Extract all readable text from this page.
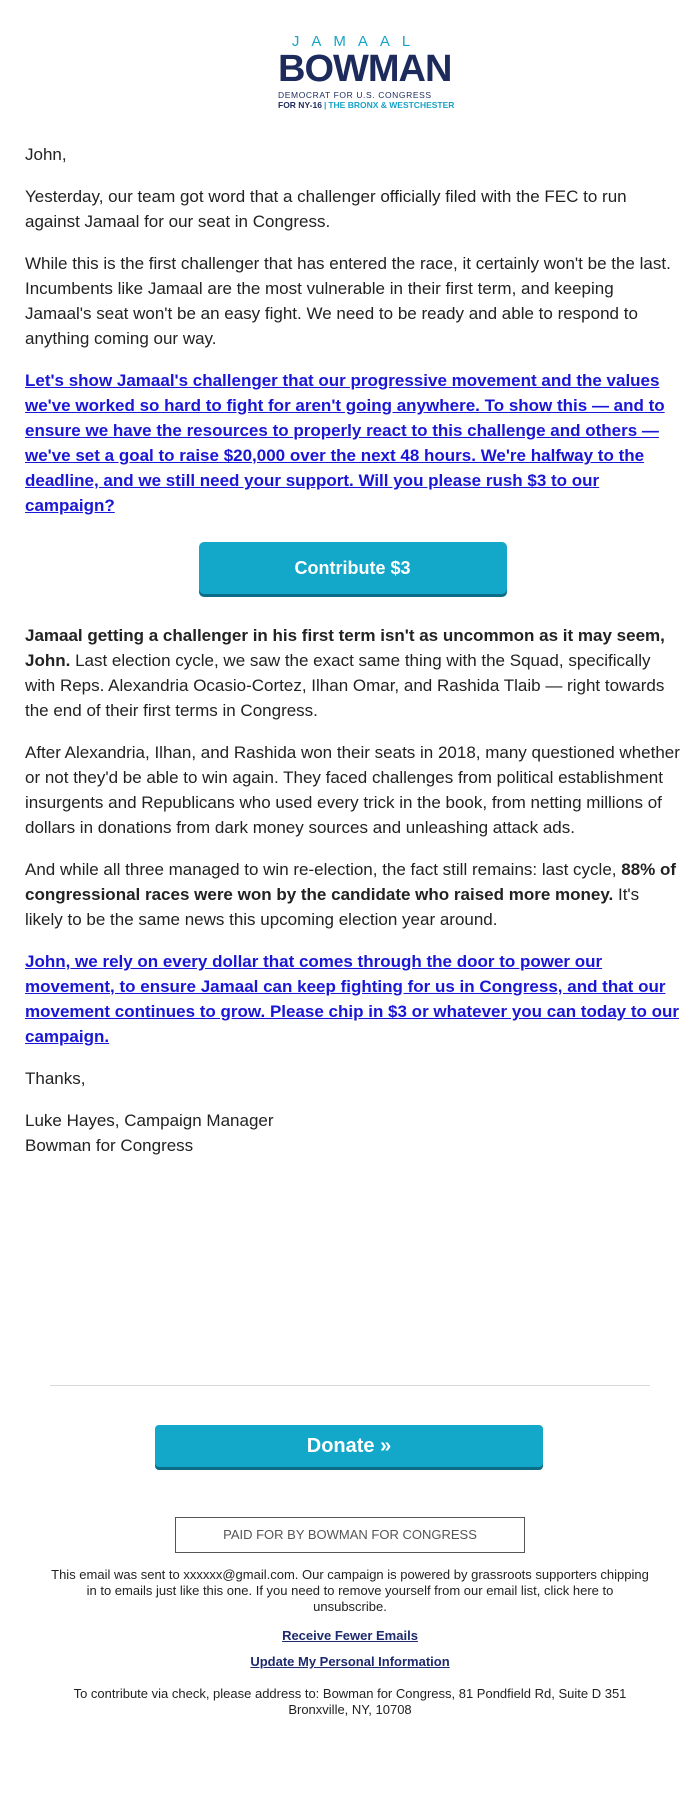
JAMAAL
BOWMAN
DEMOCRAT FOR U.S. CONGRESS
FOR NY-16 | THE BRONX & WESTCHESTER

John,

Yesterday, our team got word that a challenger officially filed with the FEC to run against Jamaal for our seat in Congress.

While this is the first challenger that has entered the race, it certainly won't be the last. Incumbents like Jamaal are the most vulnerable in their first term, and keeping Jamaal's seat won't be an easy fight. We need to be ready and able to respond to anything coming our way.

Let's show Jamaal's challenger that our progressive movement and the values we've worked so hard to fight for aren't going anywhere. To show this — and to ensure we have the resources to properly react to this challenge and others — we've set a goal to raise $20,000 over the next 48 hours. We're halfway to the deadline, and we still need your support. Will you please rush $3 to our campaign?

Contribute $3

Jamaal getting a challenger in his first term isn't as uncommon as it may seem, John. Last election cycle, we saw the exact same thing with the Squad, specifically with Reps. Alexandria Ocasio-Cortez, Ilhan Omar, and Rashida Tlaib — right towards the end of their first terms in Congress.

After Alexandria, Ilhan, and Rashida won their seats in 2018, many questioned whether or not they'd be able to win again. They faced challenges from political establishment insurgents and Republicans who used every trick in the book, from netting millions of dollars in donations from dark money sources and unleashing attack ads.

And while all three managed to win re-election, the fact still remains: last cycle, 88% of congressional races were won by the candidate who raised more money. It's likely to be the same news this upcoming election year around.

John, we rely on every dollar that comes through the door to power our movement, to ensure Jamaal can keep fighting for us in Congress, and that our movement continues to grow. Please chip in $3 or whatever you can today to our campaign.

Thanks,

Luke Hayes, Campaign Manager
Bowman for Congress
Donate »
PAID FOR BY BOWMAN FOR CONGRESS
This email was sent to xxxxxx@gmail.com. Our campaign is powered by grassroots supporters chipping in to emails just like this one. If you need to remove yourself from our email list, click here to unsubscribe.
Receive Fewer Emails
Update My Personal Information
To contribute via check, please address to: Bowman for Congress, 81 Pondfield Rd, Suite D 351
Bronxville, NY, 10708
